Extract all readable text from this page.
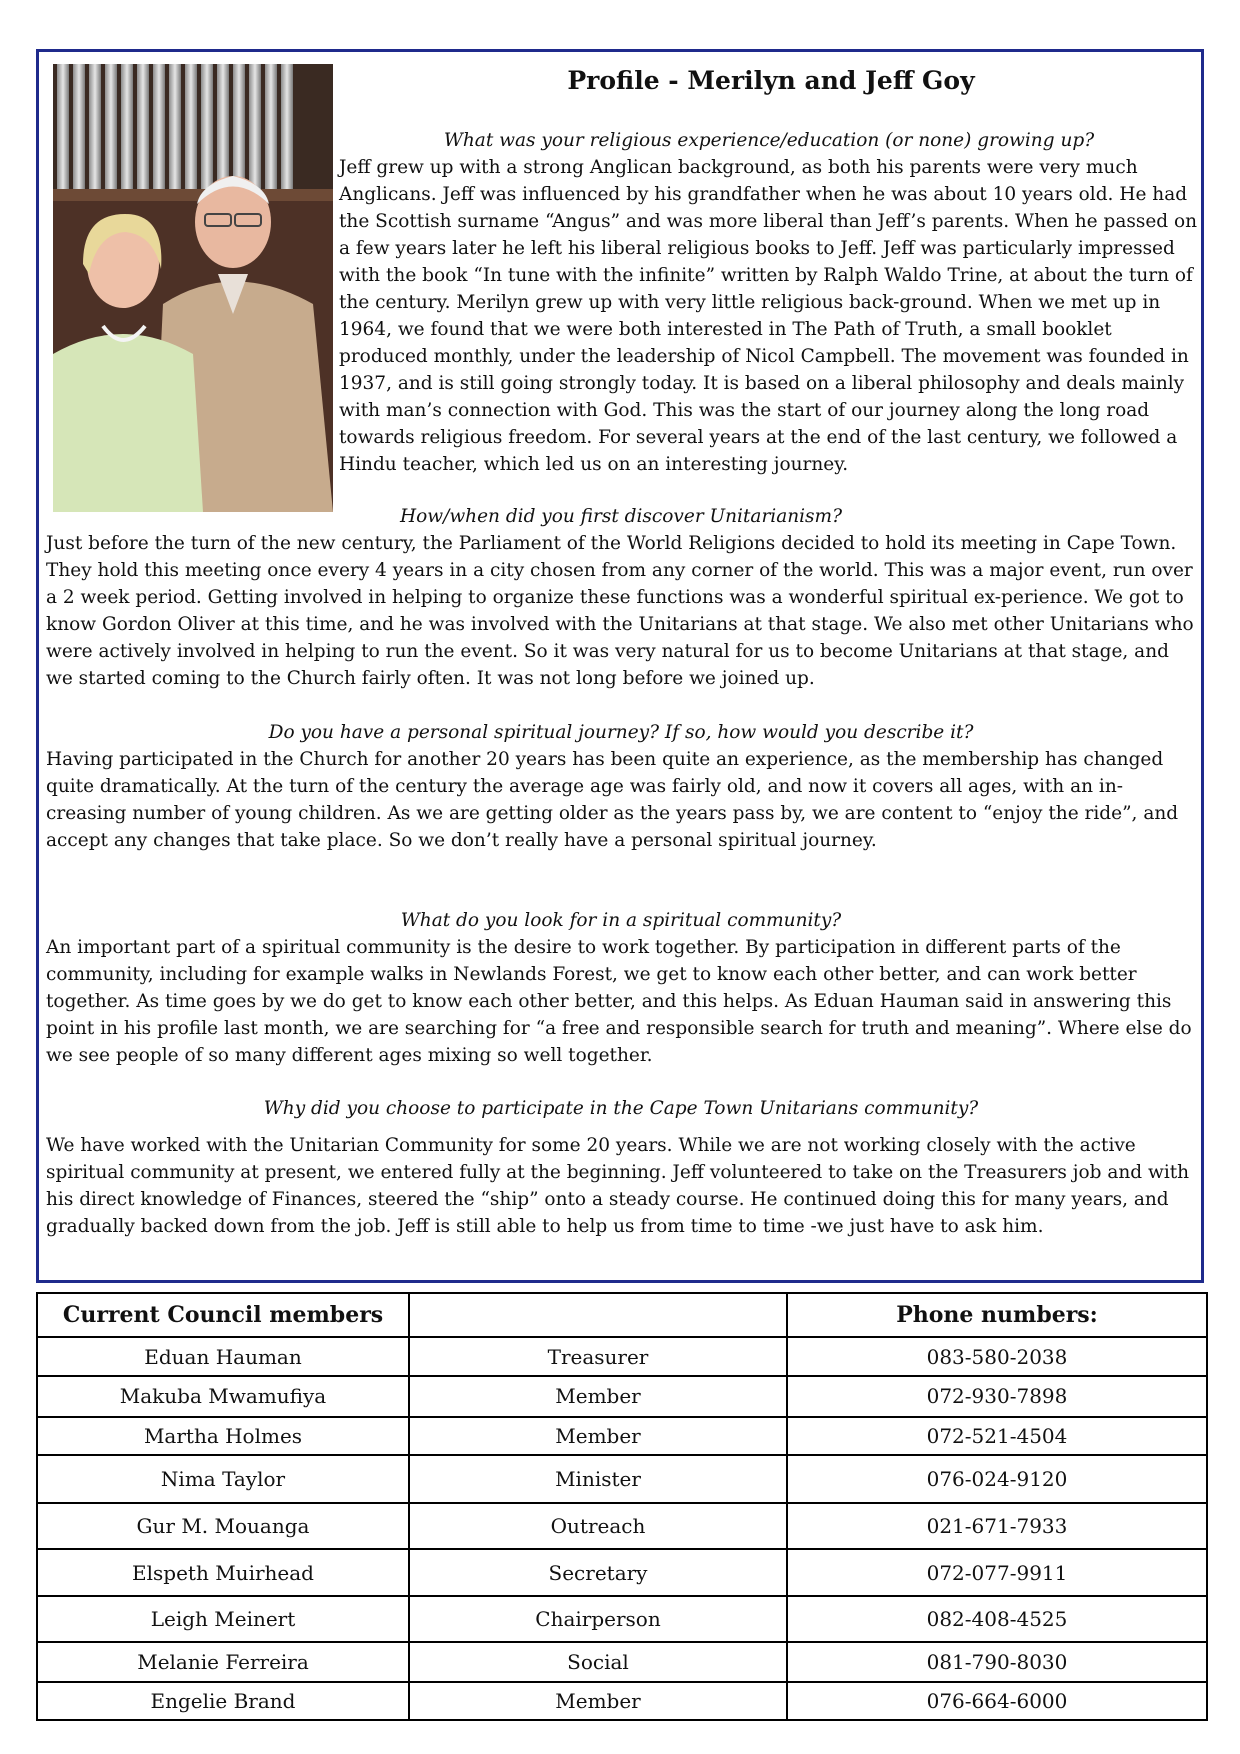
Profile - Merilyn and Jeff Goy
What was your religious experience/education (or none) growing up?
Jeff grew up with a strong Anglican background, as both his parents were very much Anglicans. Jeff was influenced by his grandfather when he was about 10 years old. He had the Scottish surname “Angus” and was more liberal than Jeff’s parents. When he passed on a few years later he left his liberal religious books to Jeff. Jeff was particularly impressed with the book “In tune with the infinite” written by Ralph Waldo Trine, at about the turn of the century. Merilyn grew up with very little religious back-ground. When we met up in 1964, we found that we were both interested in The Path of Truth, a small booklet produced monthly, under the leadership of Nicol Campbell. The movement was founded in 1937, and is still going strongly today. It is based on a liberal philosophy and deals mainly with man’s connection with God. This was the start of our journey along the long road towards religious freedom. For several years at the end of the last century, we followed a Hindu teacher, which led us on an interesting journey.
How/when did you first discover Unitarianism?
Just before the turn of the new century, the Parliament of the World Religions decided to hold its meeting in Cape Town. They hold this meeting once every 4 years in a city chosen from any corner of the world. This was a major event, run over a 2 week period. Getting involved in helping to organize these functions was a wonderful spiritual ex-perience. We got to know Gordon Oliver at this time, and he was involved with the Unitarians at that stage. We also met other Unitarians who were actively involved in helping to run the event. So it was very natural for us to become Unitarians at that stage, and we started coming to the Church fairly often. It was not long before we joined up.
Do you have a personal spiritual journey? If so, how would you describe it?
Having participated in the Church for another 20 years has been quite an experience, as the membership has changed quite dramatically. At the turn of the century the average age was fairly old, and now it covers all ages, with an in-creasing number of young children. As we are getting older as the years pass by, we are content to “enjoy the ride”, and accept any changes that take place. So we don’t really have a personal spiritual journey.
What do you look for in a spiritual community?
An important part of a spiritual community is the desire to work together. By participation in different parts of the community, including for example walks in Newlands Forest, we get to know each other better, and can work better together. As time goes by we do get to know each other better, and this helps. As Eduan Hauman said in answering this point in his profile last month, we are searching for “a free and responsible search for truth and meaning”. Where else do we see people of so many different ages mixing so well together.
Why did you choose to participate in the Cape Town Unitarians community?
We have worked with the Unitarian Community for some 20 years. While we are not working closely with the active spiritual community at present, we entered fully at the beginning. Jeff volunteered to take on the Treasurers job and with his direct knowledge of Finances, steered the “ship” onto a steady course. He continued doing this for many years, and gradually backed down from the job. Jeff is still able to help us from time to time -we just have to ask him.
Current Council members		Phone numbers:
Eduan Hauman	Treasurer	083-580-2038
Makuba Mwamufiya	Member	072-930-7898
Martha Holmes	Member	072-521-4504
Nima Taylor	Minister	076-024-9120
Gur M. Mouanga	Outreach	021-671-7933
Elspeth Muirhead	Secretary	072-077-9911
Leigh Meinert	Chairperson	082-408-4525
Melanie Ferreira	Social	081-790-8030
Engelie Brand	Member	076-664-6000
